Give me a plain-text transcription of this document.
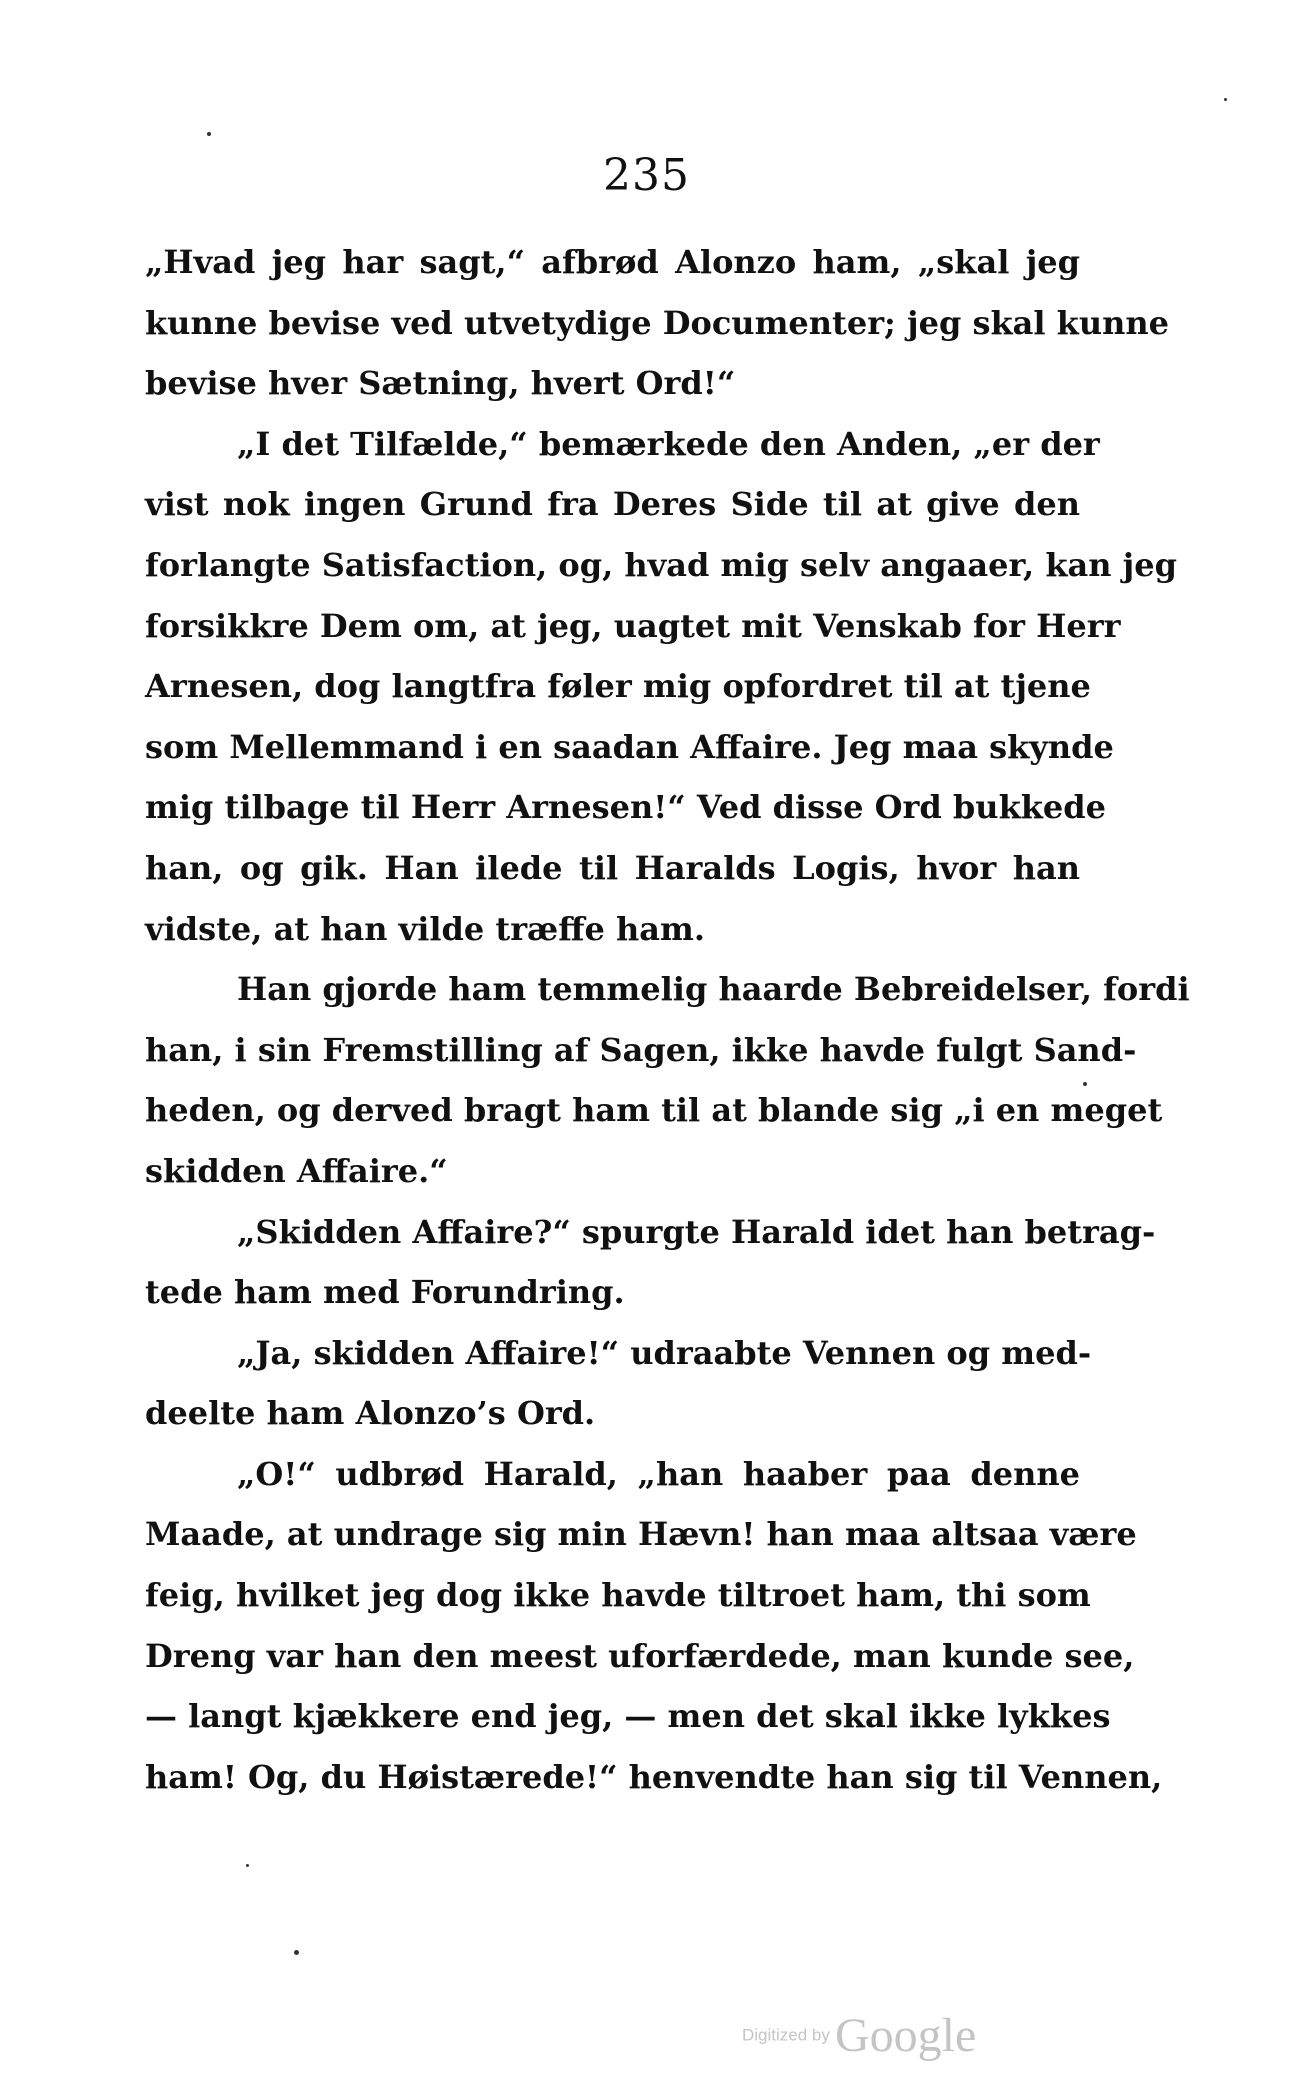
235
„Hvad jeg har sagt,“ afbrød Alonzo ham, „skal jeg
kunne bevise ved utvetydige Documenter; jeg skal kunne
bevise hver Sætning, hvert Ord!“
„I det Tilfælde,“ bemærkede den Anden, „er der
vist nok ingen Grund fra Deres Side til at give den
forlangte Satisfaction, og, hvad mig selv angaaer, kan jeg
forsikkre Dem om, at jeg, uagtet mit Venskab for Herr
Arnesen, dog langtfra føler mig opfordret til at tjene
som Mellemmand i en saadan Affaire. Jeg maa skynde
mig tilbage til Herr Arnesen!“ Ved disse Ord bukkede
han, og gik. Han ilede til Haralds Logis, hvor han
vidste, at han vilde træffe ham.
Han gjorde ham temmelig haarde Bebreidelser, fordi
han, i sin Fremstilling af Sagen, ikke havde fulgt Sand-
heden, og derved bragt ham til at blande sig „i en meget
skidden Affaire.“
„Skidden Affaire?“ spurgte Harald idet han betrag-
tede ham med Forundring.
„Ja, skidden Affaire!“ udraabte Vennen og med-
deelte ham Alonzo’s Ord.
„O!“ udbrød Harald, „han haaber paa denne
Maade, at undrage sig min Hævn! han maa altsaa være
feig, hvilket jeg dog ikke havde tiltroet ham, thi som
Dreng var han den meest uforfærdede, man kunde see,
— langt kjækkere end jeg, — men det skal ikke lykkes
ham! Og, du Høistærede!“ henvendte han sig til Vennen,
Digitized by Google
